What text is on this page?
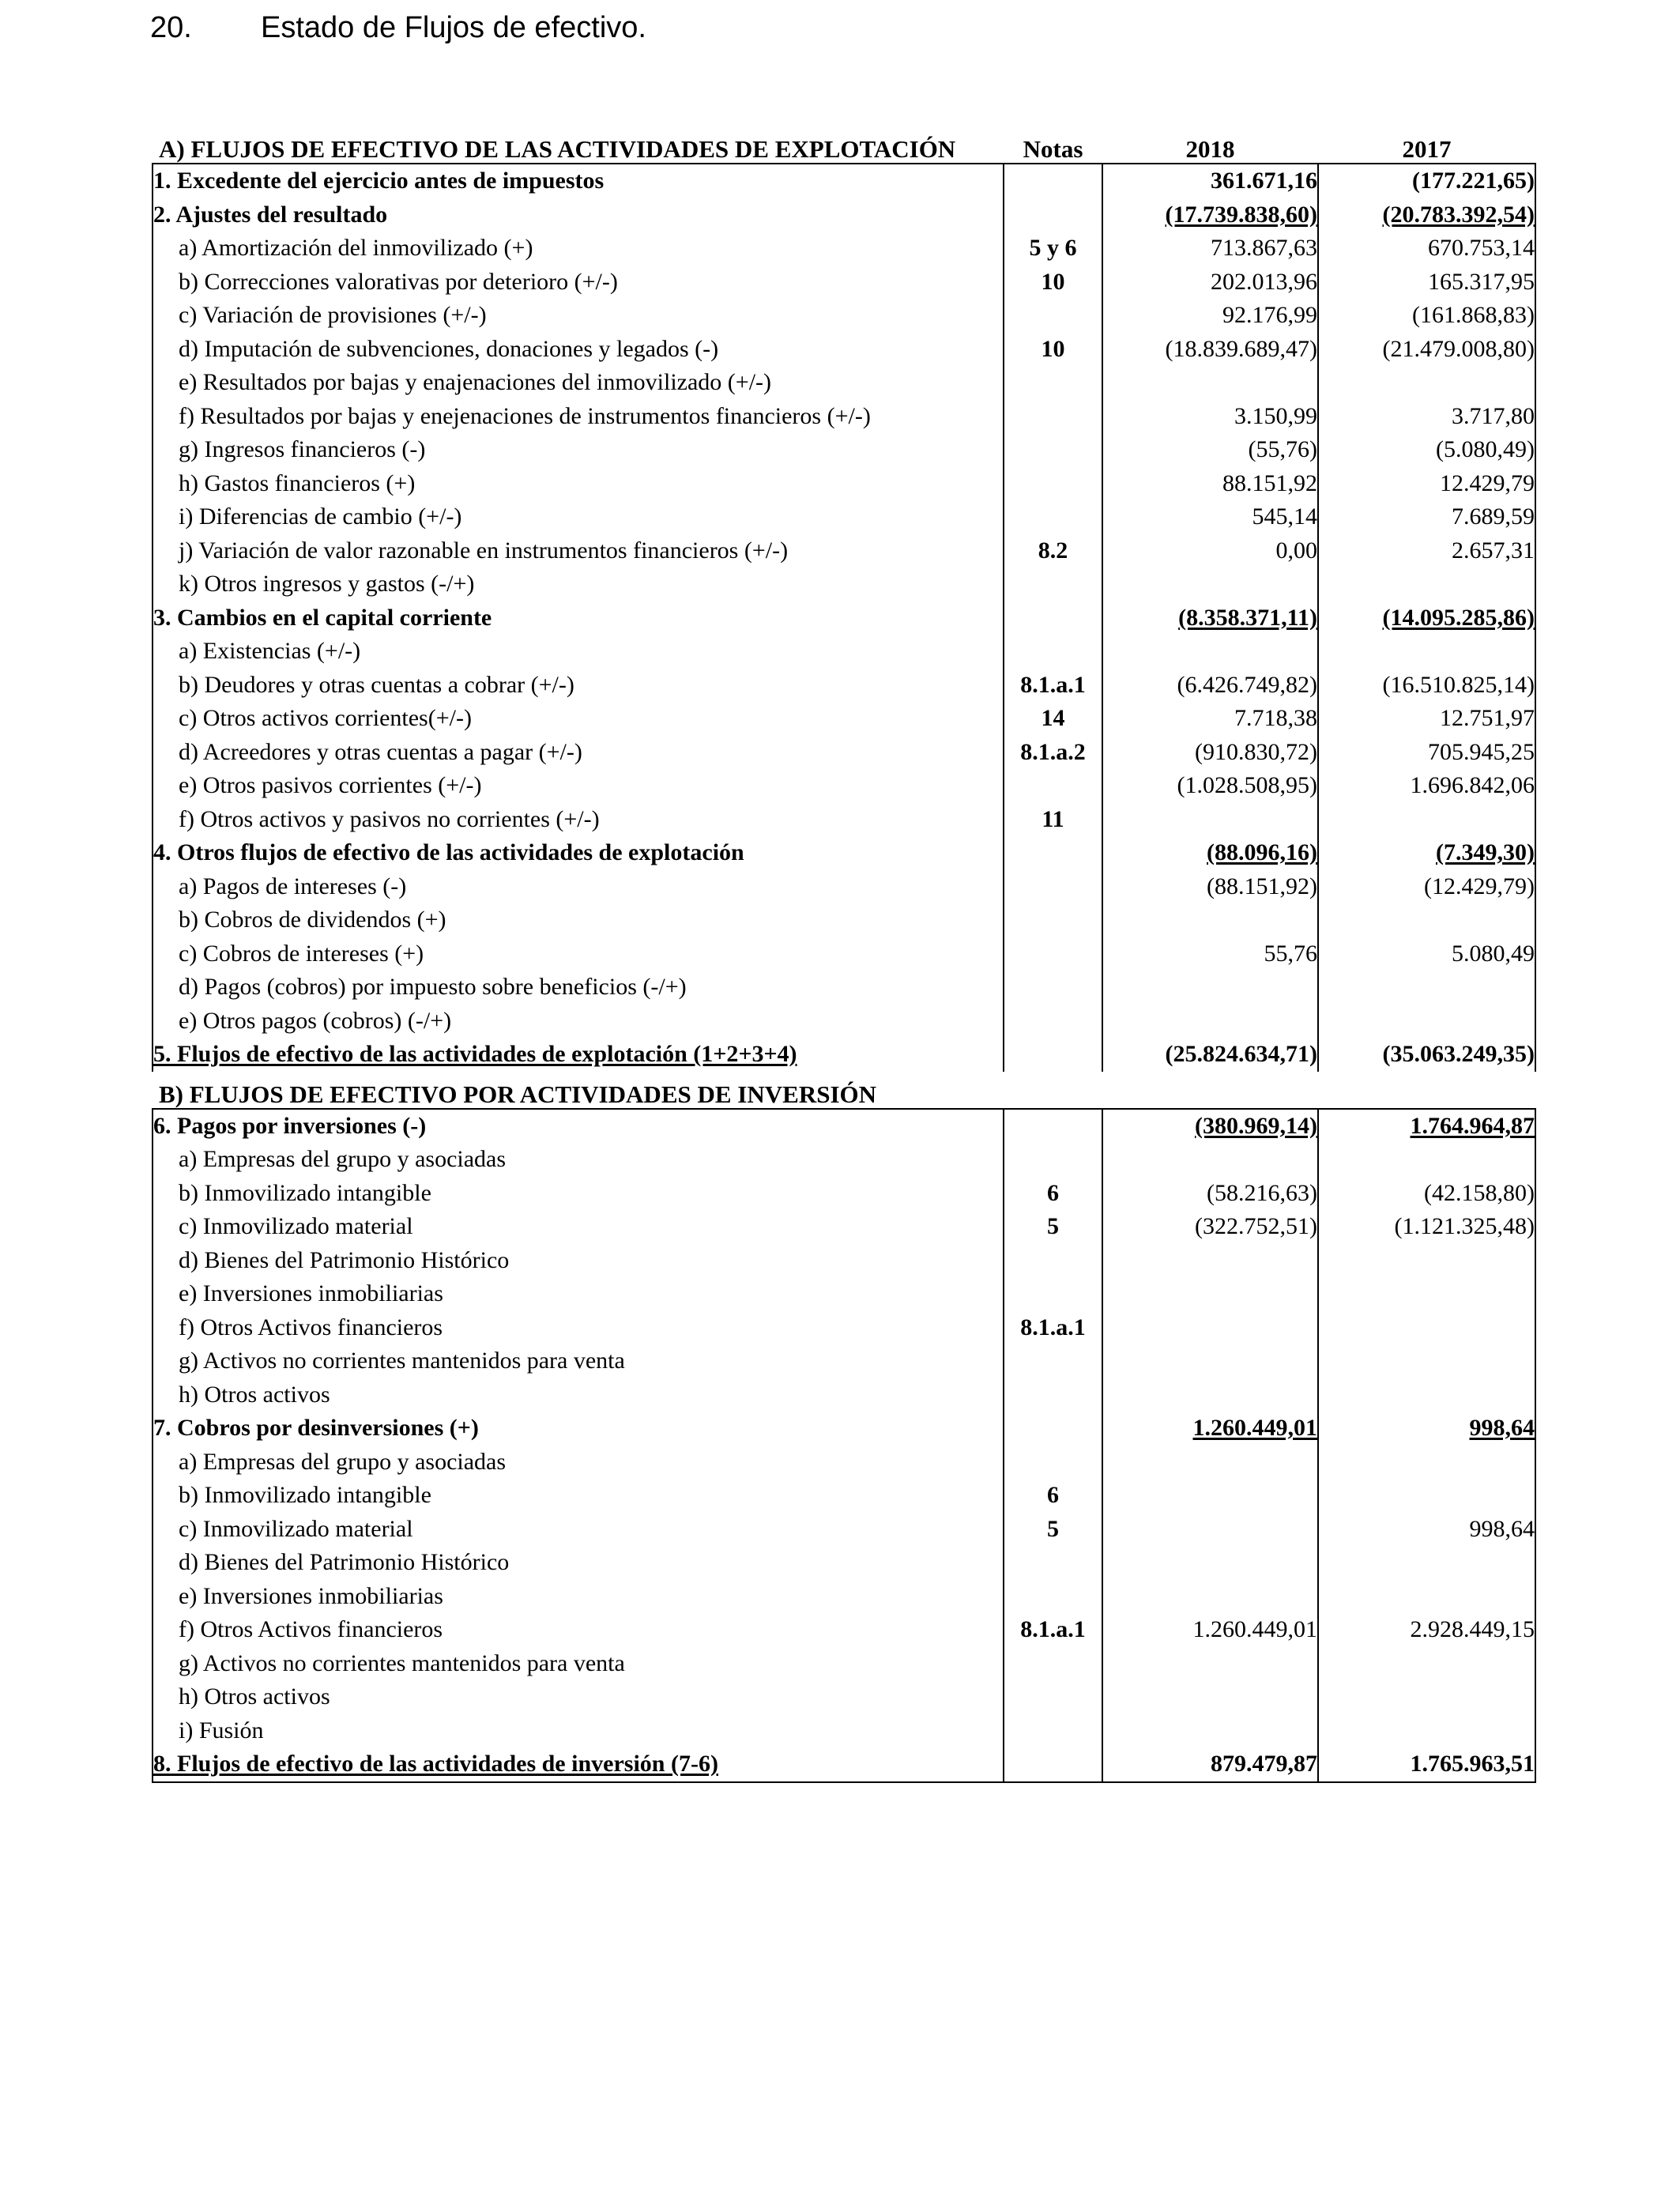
20. Estado de Flujos de efectivo.
A) FLUJOS DE EFECTIVO DE LAS ACTIVIDADES DE EXPLOTACIÓN	Notas	2018	2017
1. Excedente del ejercicio antes de impuestos		361.671,16	(177.221,65)
2. Ajustes del resultado		(17.739.838,60)	(20.783.392,54)
a) Amortización del inmovilizado (+)	5 y 6	713.867,63	670.753,14
b) Correcciones valorativas por deterioro (+/-)	10	202.013,96	165.317,95
c) Variación de provisiones (+/-)		92.176,99	(161.868,83)
d) Imputación de subvenciones, donaciones y legados (-)	10	(18.839.689,47)	(21.479.008,80)
e) Resultados por bajas y enajenaciones del inmovilizado (+/-)			
f) Resultados por bajas y enejenaciones de instrumentos financieros (+/-)		3.150,99	3.717,80
g) Ingresos financieros (-)		(55,76)	(5.080,49)
h) Gastos financieros (+)		88.151,92	12.429,79
i) Diferencias de cambio (+/-)		545,14	7.689,59
j) Variación de valor razonable en instrumentos financieros (+/-)	8.2	0,00	2.657,31
k) Otros ingresos y gastos (-/+)			
3. Cambios en el capital corriente		(8.358.371,11)	(14.095.285,86)
a) Existencias (+/-)			
b) Deudores y otras cuentas a cobrar (+/-)	8.1.a.1	(6.426.749,82)	(16.510.825,14)
c) Otros activos corrientes(+/-)	14	7.718,38	12.751,97
d) Acreedores y otras cuentas a pagar (+/-)	8.1.a.2	(910.830,72)	705.945,25
e) Otros pasivos corrientes (+/-)		(1.028.508,95)	1.696.842,06
f) Otros activos y pasivos no corrientes (+/-)	11		
4. Otros flujos de efectivo de las actividades de explotación		(88.096,16)	(7.349,30)
a) Pagos de intereses (-)		(88.151,92)	(12.429,79)
b) Cobros de dividendos (+)			
c) Cobros de intereses (+)		55,76	5.080,49
d) Pagos (cobros) por impuesto sobre beneficios (-/+)			
e) Otros pagos (cobros) (-/+)			
5. Flujos de efectivo de las actividades de explotación (1+2+3+4)		(25.824.634,71)	(35.063.249,35)
B) FLUJOS DE EFECTIVO POR ACTIVIDADES DE INVERSIÓN			
6. Pagos por inversiones (-)		(380.969,14)	1.764.964,87
a) Empresas del grupo y asociadas			
b) Inmovilizado intangible	6	(58.216,63)	(42.158,80)
c) Inmovilizado material	5	(322.752,51)	(1.121.325,48)
d) Bienes del Patrimonio Histórico			
e) Inversiones inmobiliarias			
f) Otros Activos financieros	8.1.a.1		
g) Activos no corrientes mantenidos para venta			
h) Otros activos			
7. Cobros por desinversiones (+)		1.260.449,01	998,64
a) Empresas del grupo y asociadas			
b) Inmovilizado intangible	6		
c) Inmovilizado material	5		998,64
d) Bienes del Patrimonio Histórico			
e) Inversiones inmobiliarias			
f) Otros Activos financieros	8.1.a.1	1.260.449,01	2.928.449,15
g) Activos no corrientes mantenidos para venta			
h) Otros activos			
i) Fusión			
8. Flujos de efectivo de las actividades de inversión (7-6)		879.479,87	1.765.963,51
